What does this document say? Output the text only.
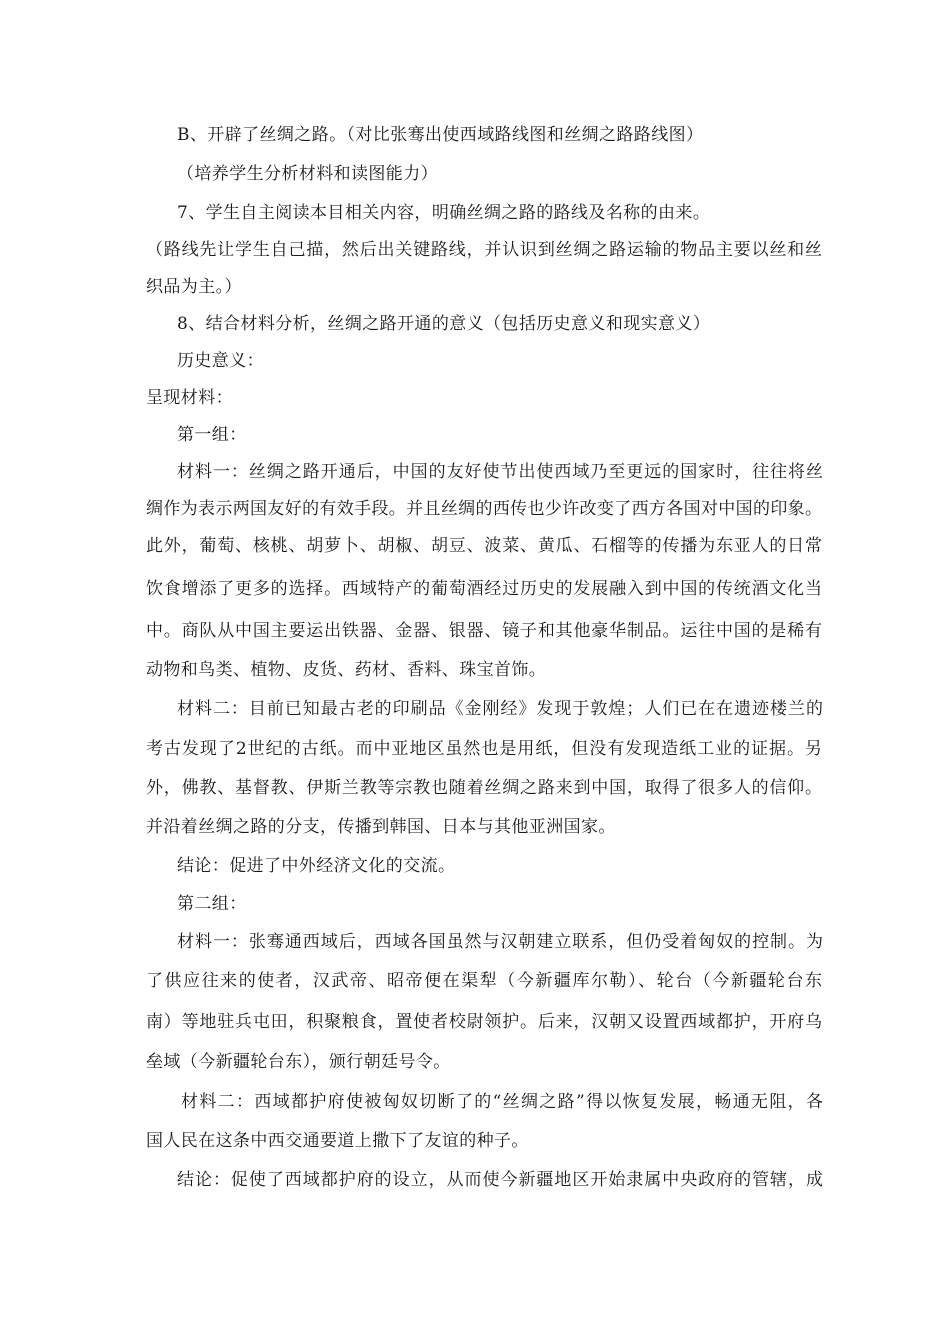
B、开辟了丝绸之路。（对比张骞出使西域路线图和丝绸之路路线图）
（培养学生分析材料和读图能力）
7、学生自主阅读本目相关内容，明确丝绸之路的路线及名称的由来。
（路线先让学生自己描，然后出关键路线，并认识到丝绸之路运输的物品主要以丝和丝
织品为主。）
8、结合材料分析，丝绸之路开通的意义（包括历史意义和现实意义）
历史意义：
呈现材料：
第一组：
材料一：丝绸之路开通后，中国的友好使节出使西域乃至更远的国家时，往往将丝
绸作为表示两国友好的有效手段。并且丝绸的西传也少许改变了西方各国对中国的印象。
此外，葡萄、核桃、胡萝卜、胡椒、胡豆、波菜、黄瓜、石榴等的传播为东亚人的日常
饮食增添了更多的选择。西域特产的葡萄酒经过历史的发展融入到中国的传统酒文化当
中。商队从中国主要运出铁器、金器、银器、镜子和其他豪华制品。运往中国的是稀有
动物和鸟类、植物、皮货、药材、香料、珠宝首饰。
材料二：目前已知最古老的印刷品《金刚经》发现于敦煌；人们已在在遗迹楼兰的
考古发现了2世纪的古纸。而中亚地区虽然也是用纸，但没有发现造纸工业的证据。另
外，佛教、基督教、伊斯兰教等宗教也随着丝绸之路来到中国，取得了很多人的信仰。
并沿着丝绸之路的分支，传播到韩国、日本与其他亚洲国家。
结论：促进了中外经济文化的交流。
第二组：
材料一：张骞通西域后，西域各国虽然与汉朝建立联系，但仍受着匈奴的控制。为
了供应往来的使者，汉武帝、昭帝便在渠犁（今新疆库尔勒）、轮台（今新疆轮台东
南）等地驻兵屯田，积聚粮食，置使者校尉领护。后来，汉朝又设置西域都护，开府乌
垒域（今新疆轮台东），颁行朝廷号令。
材料二：西域都护府使被匈奴切断了的“丝绸之路”得以恢复发展，畅通无阻，各
国人民在这条中西交通要道上撒下了友谊的种子。
结论：促使了西域都护府的设立，从而使今新疆地区开始隶属中央政府的管辖，成
